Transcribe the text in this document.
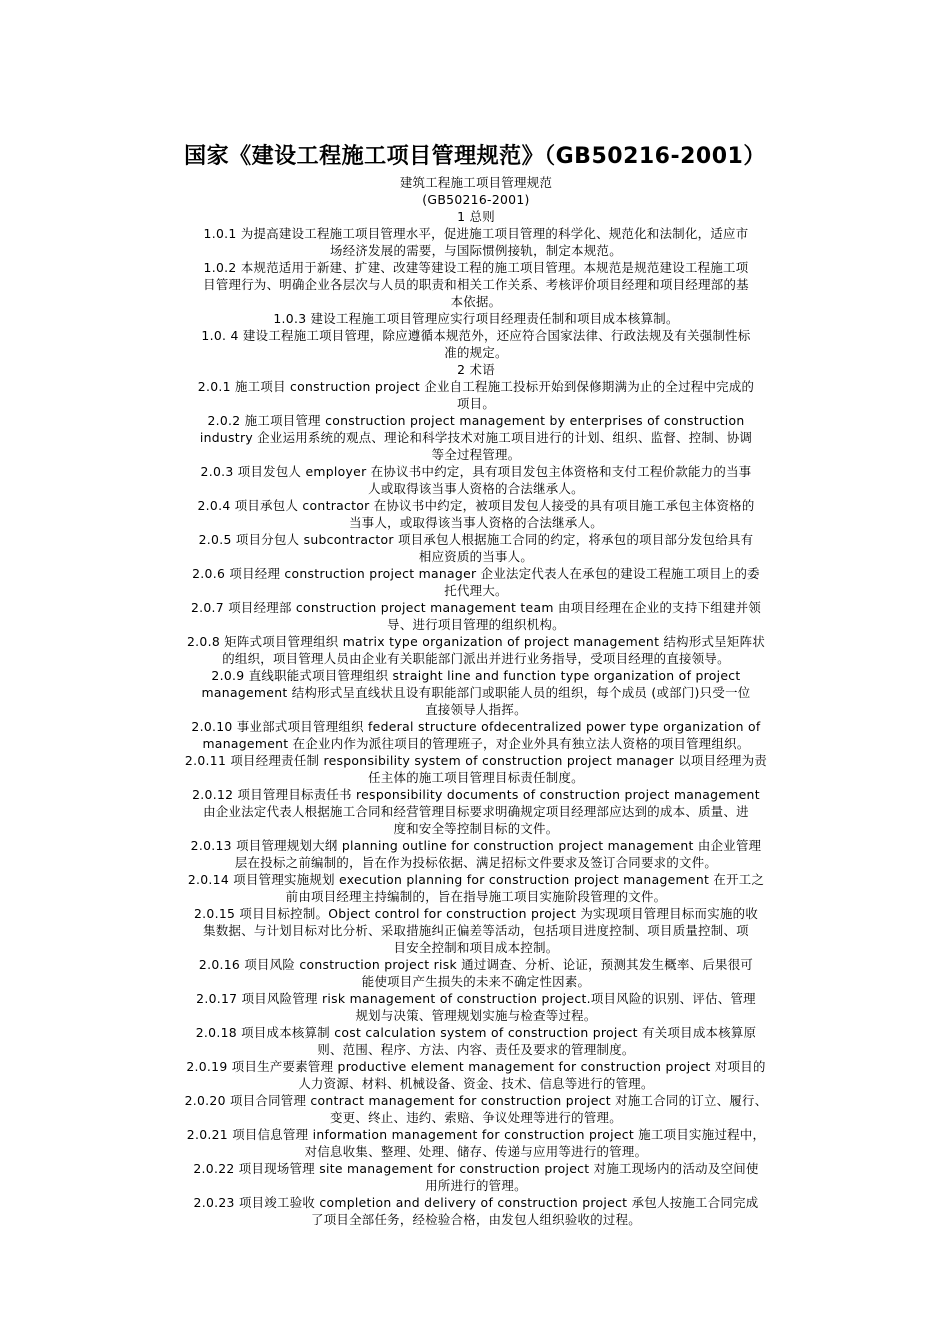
国家《建设工程施工项目管理规范》（GB50216-2001）
建筑工程施工项目管理规范
(GB50216-2001)
1 总则
1.0.1 为提高建设工程施工项目管理水平，促进施工项目管理的科学化、规范化和法制化，适应市
场经济发展的需要，与国际惯例接轨，制定本规范。
1.0.2 本规范适用于新建、扩建、改建等建设工程的施工项目管理。本规范是规范建设工程施工项
目管理行为、明确企业各层次与人员的职责和相关工作关系、考核评价项目经理和项目经理部的基
本依据。
1.0.3 建设工程施工项目管理应实行项目经理责任制和项目成本核算制。
1.0. 4 建设工程施工项目管理，除应遵循本规范外，还应符合国家法律、行政法规及有关强制性标
准的规定。
2 术语
2.0.1 施工项目 construction project 企业自工程施工投标开始到保修期满为止的全过程中完成的
项目。
2.0.2 施工项目管理 construction project management by enterprises of construction
industry 企业运用系统的观点、理论和科学技术对施工项目进行的计划、组织、监督、控制、协调
等全过程管理。
2.0.3 项目发包人 employer 在协议书中约定，具有项目发包主体资格和支付工程价款能力的当事
人或取得该当事人资格的合法继承人。
2.0.4 项目承包人 contractor 在协议书中约定，被项目发包人接受的具有项目施工承包主体资格的
当事人，或取得该当事人资格的合法继承人。
2.0.5 项目分包人 subcontractor 项目承包人根据施工合同的约定，将承包的项目部分发包给具有
相应资质的当事人。
2.0.6 项目经理 construction project manager 企业法定代表人在承包的建设工程施工项目上的委
托代理大。
2.0.7 项目经理部 construction project management team 由项目经理在企业的支持下组建并领
导、进行项目管理的组织机构。
2.0.8 矩阵式项目管理组织 matrix type organization of project management 结构形式呈矩阵状
的组织，项目管理人员由企业有关职能部门派出并进行业务指导，受项目经理的直接领导。
2.0.9 直线职能式项目管理组织 straight line and function type organization of project
management 结构形式呈直线状且设有职能部门或职能人员的组织，每个成员 (或部门)只受一位
直接领导人指挥。
2.0.10 事业部式项目管理组织 federal structure ofdecentralized power type organization of
management 在企业内作为派往项目的管理班子，对企业外具有独立法人资格的项目管理组织。
2.0.11 项目经理责任制 responsibility system of construction project manager 以项目经理为责
任主体的施工项目管理目标责任制度。
2.0.12 项目管理目标责任书 responsibility documents of construction project management
由企业法定代表人根据施工合同和经营管理目标要求明确规定项目经理部应达到的成本、质量、进
度和安全等控制目标的文件。
2.0.13 项目管理规划大纲 planning outline for construction project management 由企业管理
层在投标之前编制的，旨在作为投标依据、满足招标文件要求及签订合同要求的文件。
2.0.14 项目管理实施规划 execution planning for construction project management 在开工之
前由项目经理主持编制的，旨在指导施工项目实施阶段管理的文件。
2.0.15 项目目标控制。Object control for construction project 为实现项目管理目标而实施的收
集数据、与计划目标对比分析、采取措施纠正偏差等活动，包括项目进度控制、项目质量控制、项
目安全控制和项目成本控制。
2.0.16 项目风险 construction project risk 通过调查、分析、论证，预测其发生概率、后果很可
能使项目产生损失的未来不确定性因素。
2.0.17 项目风险管理 risk management of construction project.项目风险的识别、评估、管理
规划与决策、管理规划实施与检查等过程。
2.0.18 项目成本核算制 cost calculation system of construction project 有关项目成本核算原
则、范围、程序、方法、内容、责任及要求的管理制度。
2.0.19 项目生产要素管理 productive element management for construction project 对项目的
人力资源、材料、机械设备、资金、技术、信息等进行的管理。
2.0.20 项目合同管理 contract management for construction project 对施工合同的订立、履行、
变更、终止、违约、索赔、争议处理等进行的管理。
2.0.21 项目信息管理 information management for construction project 施工项目实施过程中，
对信息收集、整理、处理、储存、传递与应用等进行的管理。
2.0.22 项目现场管理 site management for construction project 对施工现场内的活动及空间使
用所进行的管理。
2.0.23 项目竣工验收 completion and delivery of construction project 承包人按施工合同完成
了项目全部任务，经检验合格，由发包人组织验收的过程。
